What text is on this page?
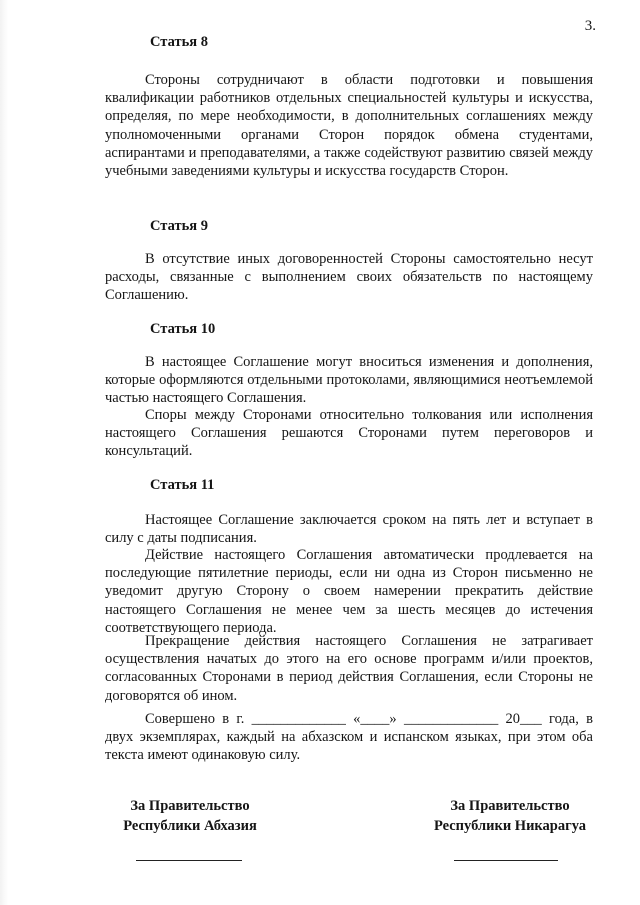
3.
Статья 8

Стороны сотрудничают в области подготовки и повышения квалификации работников отдельных специальностей культуры и искусства, определяя, по мере необходимости, в дополнительных соглашениях между уполномоченными органами Сторон порядок обмена студентами, аспирантами и преподавателями, а также содействуют развитию связей между учебными заведениями культуры и искусства государств Сторон.

Статья 9

В отсутствие иных договоренностей Стороны самостоятельно несут расходы, связанные с выполнением своих обязательств по настоящему Соглашению.

Статья 10

В настоящее Соглашение могут вноситься изменения и дополнения, которые оформляются отдельными протоколами, являющимися неотъемлемой частью настоящего Соглашения.

Споры между Сторонами относительно толкования или исполнения настоящего Соглашения решаются Сторонами путем переговоров и консультаций.

Статья 11

Настоящее Соглашение заключается сроком на пять лет и вступает в силу с даты подписания.

Действие настоящего Соглашения автоматически продлевается на последующие пятилетние периоды, если ни одна из Сторон письменно не уведомит другую Сторону о своем намерении прекратить действие настоящего Соглашения не менее чем за шесть месяцев до истечения соответствующего периода.

Прекращение действия настоящего Соглашения не затрагивает осуществления начатых до этого на его основе программ и/или проектов, согласованных Сторонами в период действия Соглашения, если Стороны не договорятся об ином.

Совершено в г. _____________ «____» _____________ 20___ года, в двух экземплярах, каждый на абхазском и испанском языках, при этом оба текста имеют одинаковую силу.

За Правительство
Республики Абхазия
За Правительство
Республики Никарагуа
